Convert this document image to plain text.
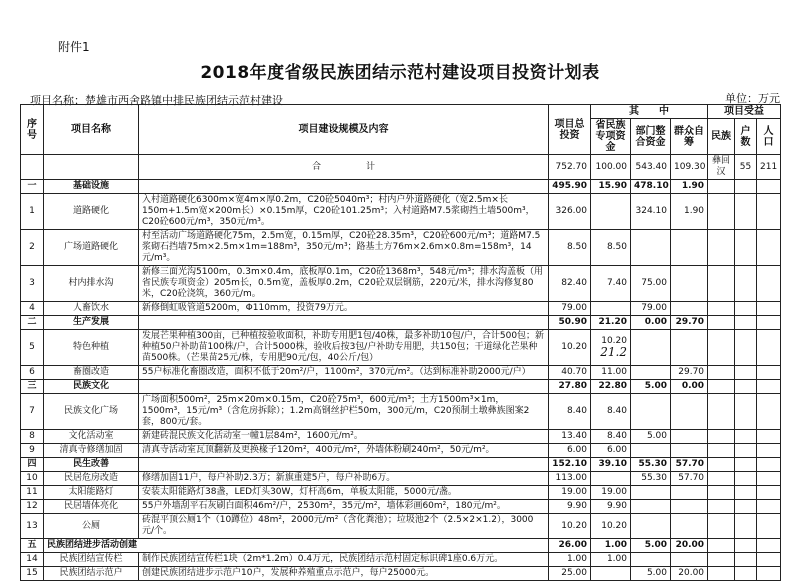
附件1
2018年度省级民族团结示范村建设项目投资计划表
项目名称：楚雄市西舍路镇中排民族团结示范村建设	单位：万元
序号	项目名称	项目建设规模及内容	项目总投资	其　　中			项目受益		
				省民族专项资金	部门整合资金	群众自筹	民族	户数	人口
		合　　　　　计	752.70	100.00	543.40	109.30	彝回汉	55	211
一	基础设施		495.90	15.90	478.10	1.90			
1	道路硬化	入村道路硬化6300m×宽4m×厚0.2m，C20砼5040m³；村内户外道路硬化（宽2.5m×长150m+1.5m宽×200m长）×0.15m厚，C20砼101.25m³；入村道路M7.5浆砌挡土墙500m³，C20砼600元/m³，350元/m³。	326.00		324.10	1.90			
2	广场道路硬化	村至活动广场道路硬化75m，2.5m宽，0.15m厚，C20砼28.35m³，C20砼600元/m³；道路M7.5浆砌石挡墙75m×2.5m×1m=188m³，350元/m³；路基土方76m×2.6m×0.8m=158m³，14元/m³。	8.50	8.50					
3	村内排水沟	新修三面光沟5100m，0.3m×0.4m，底板厚0.1m，C20砼1368m³，548元/m³；排水沟盖板（用省民族专项资金）205m长，0.5m宽，盖板厚0.2m，C20砼双层钢筋，220元/米，排水沟修复80米，C20砼浇筑，360元/m。	82.40	7.40	75.00				
4	人畜饮水	新修倒虹吸管道5200m，Φ110mm，投资79万元。	79.00		79.00				
二	生产发展		50.90	21.20	0.00	29.70			
5	特色种植	发展芒果种植300亩，已种植按验收面积，补助专用肥1包/40株，最多补助10包/户，合计500包；新种植50户补助苗100株/户，合计5000株，验收后按3包/户补助专用肥，共150包；干道绿化芒果种苗500株。（芒果苗25元/株，专用肥90元/包，40公斤/包）	10.20	10.20 21.2					
6	畜圈改造	55户标准化畜圈改造，面积不低于20m²/户，1100m²，370元/m²。（达到标准补助2000元/户）	40.70	11.00		29.70			
三	民族文化		27.80	22.80	5.00	0.00			
7	民族文化广场	广场面积500m²，25m×20m×0.15m，C20砼75m³，600元/m³；土方1500m³×1m，1500m³，15元/m³（含危房拆除）；1.2m高钢丝护栏50m，300元/m，C20预制土墩彝族图案2套，800元/套。	8.40	8.40					
8	文化活动室	新建砖混民族文化活动室一幢1层84m²，1600元/m²。	13.40	8.40	5.00				
9	清真寺修缮加固	清真寺活动室瓦顶翻新及更换椽子120m²，400元/m²，外墙体粉刷240m²，50元/m²。	6.00	6.00					
四	民生改善		152.10	39.10	55.30	57.70			
10	民居危房改造	修缮加固11户，每户补助2.3万；新旗重建5户，每户补助6万。	113.00		55.30	57.70			
11	太阳能路灯	安装太阳能路灯38盏，LED灯头30W，灯杆高6m，单板太阳能，5000元/盏。	19.00	19.00					
12	民居墙体亮化	55户外墙刮平石灰刷白面积46m²/户，2530m²，35元/m²，墙体彩画60m²，180元/m²。	9.90	9.90					
13	公厕	砖混平顶公厕1个（10蹲位）48m²，2000元/m²（含化粪池）；垃圾池2个（2.5×2×1.2），3000元/个。	10.20	10.20					
五	民族团结进步活动创建		26.00	1.00	5.00	20.00			
14	民族团结宣传栏	制作民族团结宣传栏1块（2m*1.2m）0.4万元，民族团结示范村固定标识碑1座0.6万元。	1.00	1.00					
15	民族团结示范户	创建民族团结进步示范户10户，发展种养殖重点示范户，每户25000元。	25.00		5.00	20.00			
